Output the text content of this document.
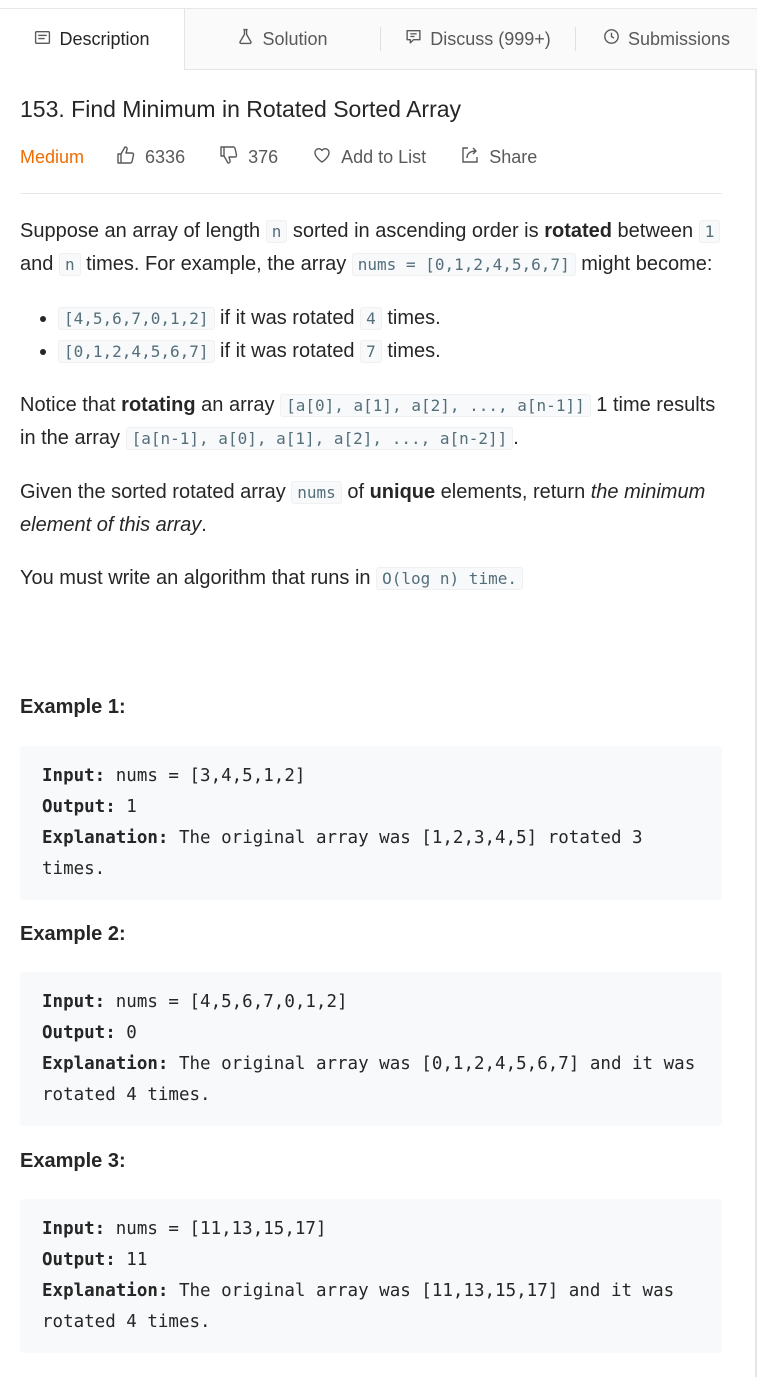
Description	Solution	Discuss (999+)	Submissions
153. Find Minimum in Rotated Sorted Array
Medium	6336	376	Add to List	Share

Suppose an array of length n sorted in ascending order is rotated between 1 and n times. For example, the array nums = [0,1,2,4,5,6,7] might become:

• [4,5,6,7,0,1,2] if it was rotated 4 times.
• [0,1,2,4,5,6,7] if it was rotated 7 times.

Notice that rotating an array [a[0], a[1], a[2], ..., a[n-1]] 1 time results in the array [a[n-1], a[0], a[1], a[2], ..., a[n-2]] .

Given the sorted rotated array nums of unique elements, return the minimum element of this array.

You must write an algorithm that runs in O(log n) time.

Example 1:
Input: nums = [3,4,5,1,2]
Output: 1
Explanation: The original array was [1,2,3,4,5] rotated 3 times.
Example 2:
Input: nums = [4,5,6,7,0,1,2]
Output: 0
Explanation: The original array was [0,1,2,4,5,6,7] and it was rotated 4 times.
Example 3:
Input: nums = [11,13,15,17]
Output: 11
Explanation: The original array was [11,13,15,17] and it was rotated 4 times.
